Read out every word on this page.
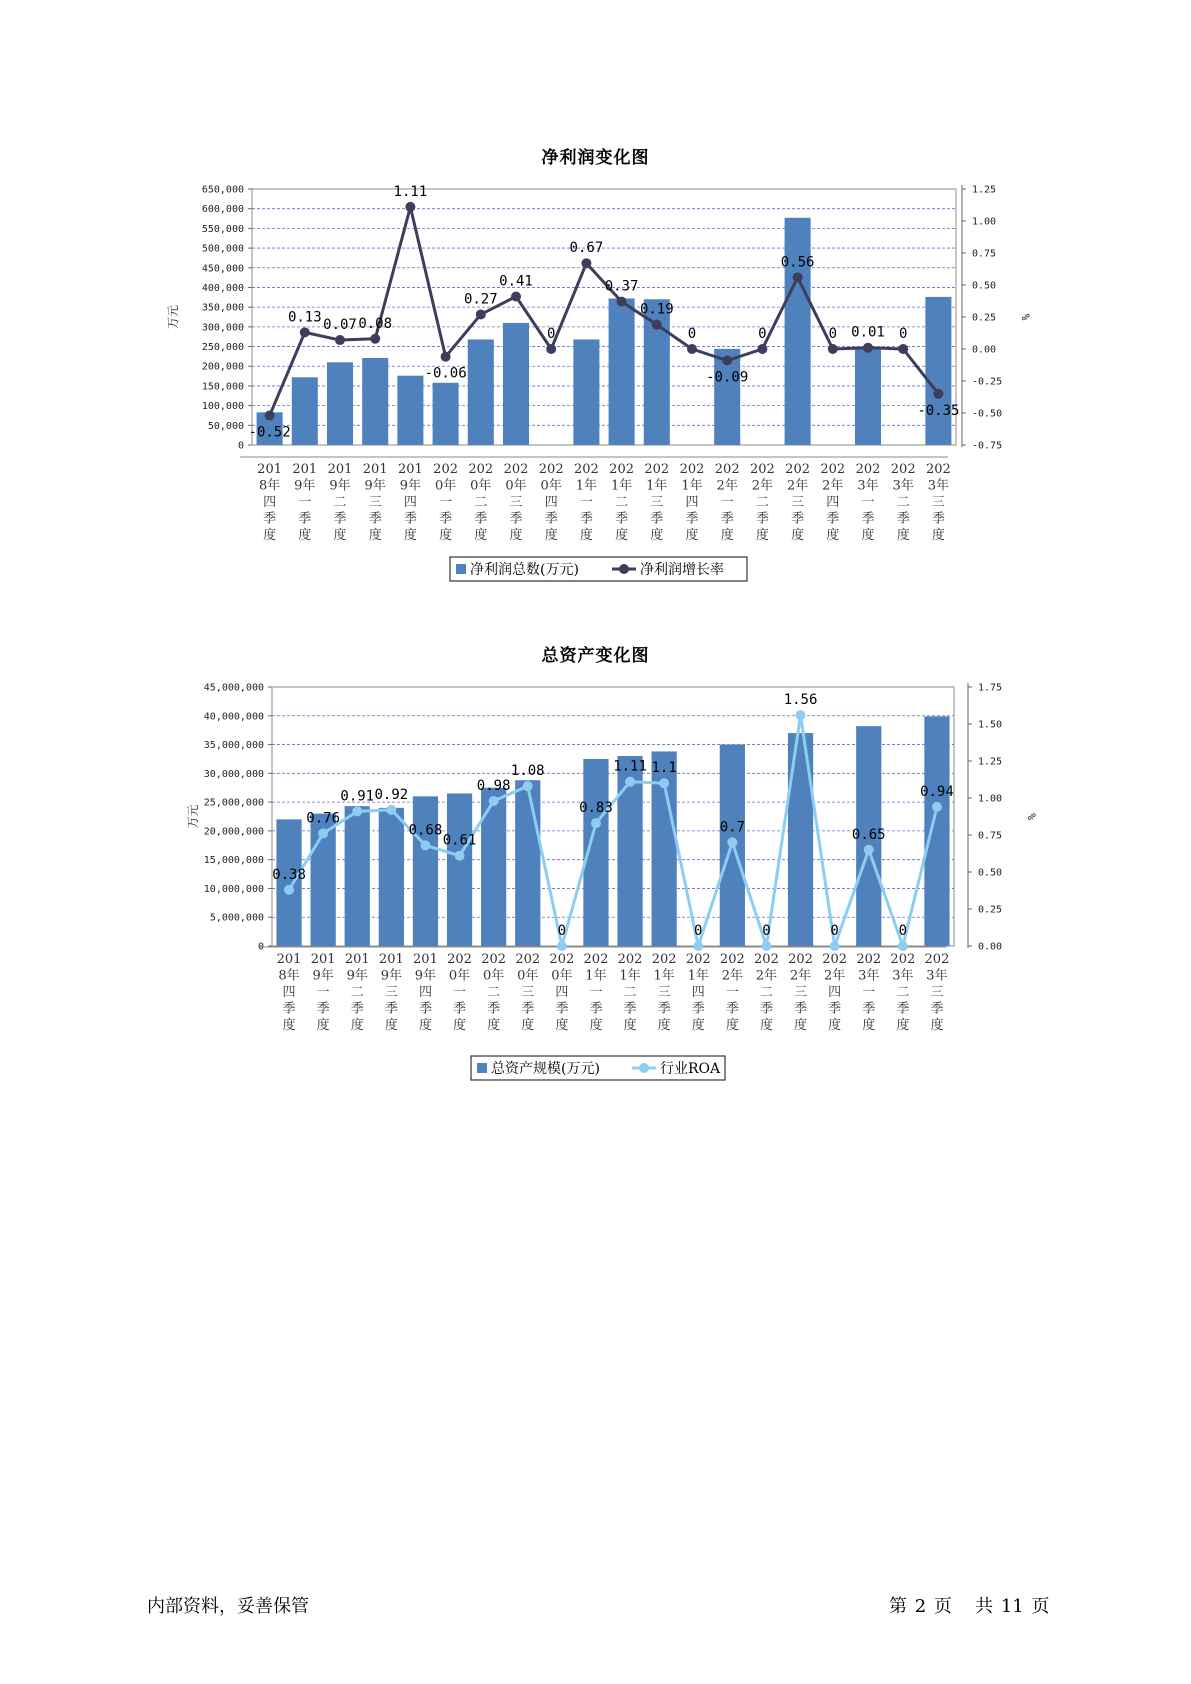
净利润变化图
0
50,000
100,000
150,000
200,000
250,000
300,000
350,000
400,000
450,000
500,000
550,000
600,000
650,000
-0.75
-0.50
-0.25
0.00
0.25
0.50
0.75
1.00
1.25
万元	%
201
8年
四
季
度
201
9年
一
季
度
201
9年
二
季
度
201
9年
三
季
度
201
9年
四
季
度
202
0年
一
季
度
202
0年
二
季
度
202
0年
三
季
度
202
0年
四
季
度
202
1年
一
季
度
202
1年
二
季
度
202
1年
三
季
度
202
1年
四
季
度
202
2年
一
季
度
202
2年
二
季
度
202
2年
三
季
度
202
2年
四
季
度
202
3年
一
季
度
202
3年
二
季
度
202
3年
三
季
度
-0.52
0.13 0.07 0.08
1.11
-0.06
0.27
0.41
0
0.67
0.37
0.19
0
-0.09
0
0.56
0 0.01 0
-0.35
净利润总数(万元)	净利润增长率
总资产变化图
0
5,000,000
10,000,000
15,000,000
20,000,000
25,000,000
30,000,000
35,000,000
40,000,000
45,000,000
0.00
0.25
0.50
0.75
1.00
1.25
1.50
1.75
万元	%
201
8年
四
季
度
201
9年
一
季
度
201
9年
二
季
度
201
9年
三
季
度
201
9年
四
季
度
202
0年
一
季
度
202
0年
二
季
度
202
0年
三
季
度
202
0年
四
季
度
202
1年
一
季
度
202
1年
二
季
度
202
1年
三
季
度
202
1年
四
季
度
202
2年
一
季
度
202
2年
二
季
度
202
2年
三
季
度
202
2年
四
季
度
202
3年
一
季
度
202
3年
二
季
度
202
3年
三
季
度
0.38
0.76
0.91 0.92
0.68
0.61
0.98
1.08
0
0.83
1.11 1.1
0
0.7
0
1.56
0
0.65
0
0.94
总资产规模(万元)	行业ROA
内部资料，妥善保管	第 2 页 共 11 页
